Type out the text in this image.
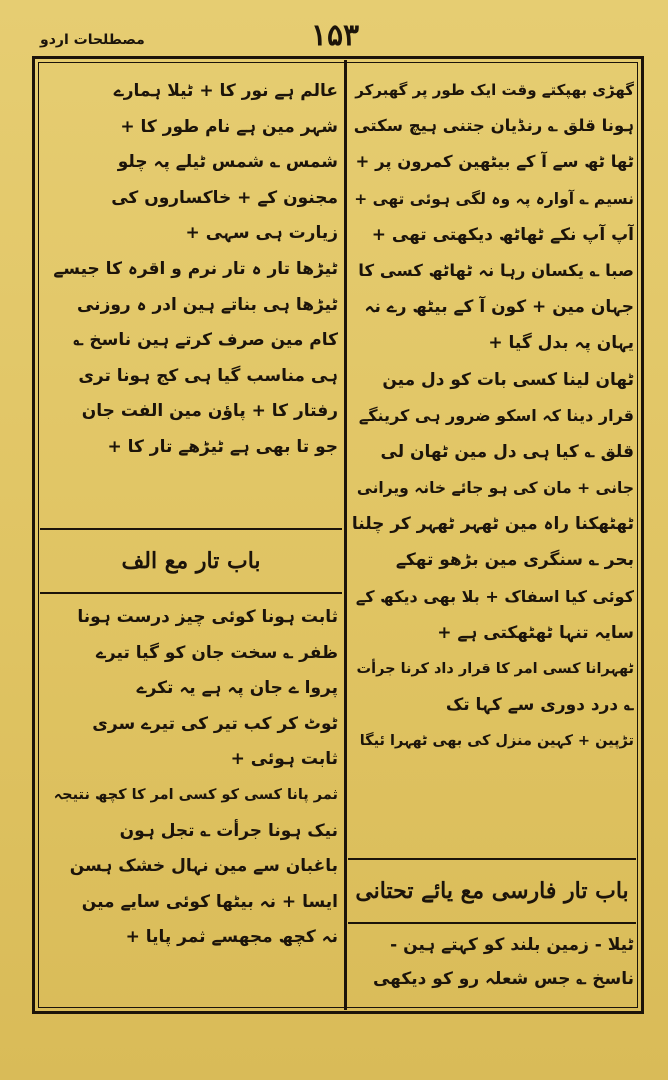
مصطلحات اردو	۱۵۳
گھڑی بھپکتے وقت ایک طور پر گھبرکر
ہونا قلق ؎ رنڈیان جتنی ہیچ سکتی
ٹھا ٹھ سے آ کے بیٹھین کمرون پر +
نسیم ؎ آوارہ پہ وہ لگی ہوئی تھی +
آپ آپ نکے ٹھاٹھ دیکھتی تھی +
صبا ؎ یکسان رہا نہ ٹھاٹھ کسی کا
جہان مین + کون آ کے بیٹھ رے نہ
یہان پہ بدل گیا +
ٹھان لینا کسی بات کو دل مین
قرار دینا کہ اسکو ضرور ہی کرینگے
قلق ؎ کیا ہی دل مین ٹھان لی
جانی + مان کی ہو جائے خانہ ویرانی
ٹھٹھکنا راہ مین ٹھہر ٹھہر کر چلنا
بحر ؎ سنگری مین بڑھو تھکے
کوئی کیا اسفاک + بلا بھی دیکھ کے
سایہ تنہا ٹھٹھکتی ہے +
ٹھہرانا کسی امر کا قرار داد کرنا جرأت
؎ درد دوری سے کہا تک
تڑپین + کہین منزل کی بھی ٹھہرا ئیگا
باب تار فارسی مع یائے تحتانی
ٹیلا - زمین بلند کو کہتے ہین -
ناسخ ؎ جس شعلہ رو کو دیکھی
عالم ہے نور کا + ٹیلا ہمارے
شہر مین ہے نام طور کا +
شمس ؎ شمس ٹیلے پہ چلو
مجنون کے + خاکساروں کی
زیارت ہی سہی +
ٹیڑھا تار ہ تار نرم و اقرہ کا جیسے
ٹیڑھا ہی بناتے ہین ادر ہ روزنی
کام مین صرف کرتے ہین ناسخ ؎
ہی مناسب گیا ہی کج ہونا تری
رفتار کا + پاؤن مین الفت جان
جو تا بھی ہے ٹیڑھے تار کا +
باب تار مع الف
ثابت ہونا کوئی چیز درست ہونا
ظفر ؎ سخت جان کو گیا تیرے
پروا ے جان پہ ہے یہ تکرے
ٹوٹ کر کب تیر کی تیرے سری
ثابت ہوئی +
ثمر پانا کسی کو کسی امر کا کچھ نتیجہ
نیک ہونا جرأت ؎ تجل ہون
باغبان سے مین نہال خشک ہسن
ایسا + نہ بیٹھا کوئی سایے مین
نہ کچھ مجھسے ثمر پایا +
